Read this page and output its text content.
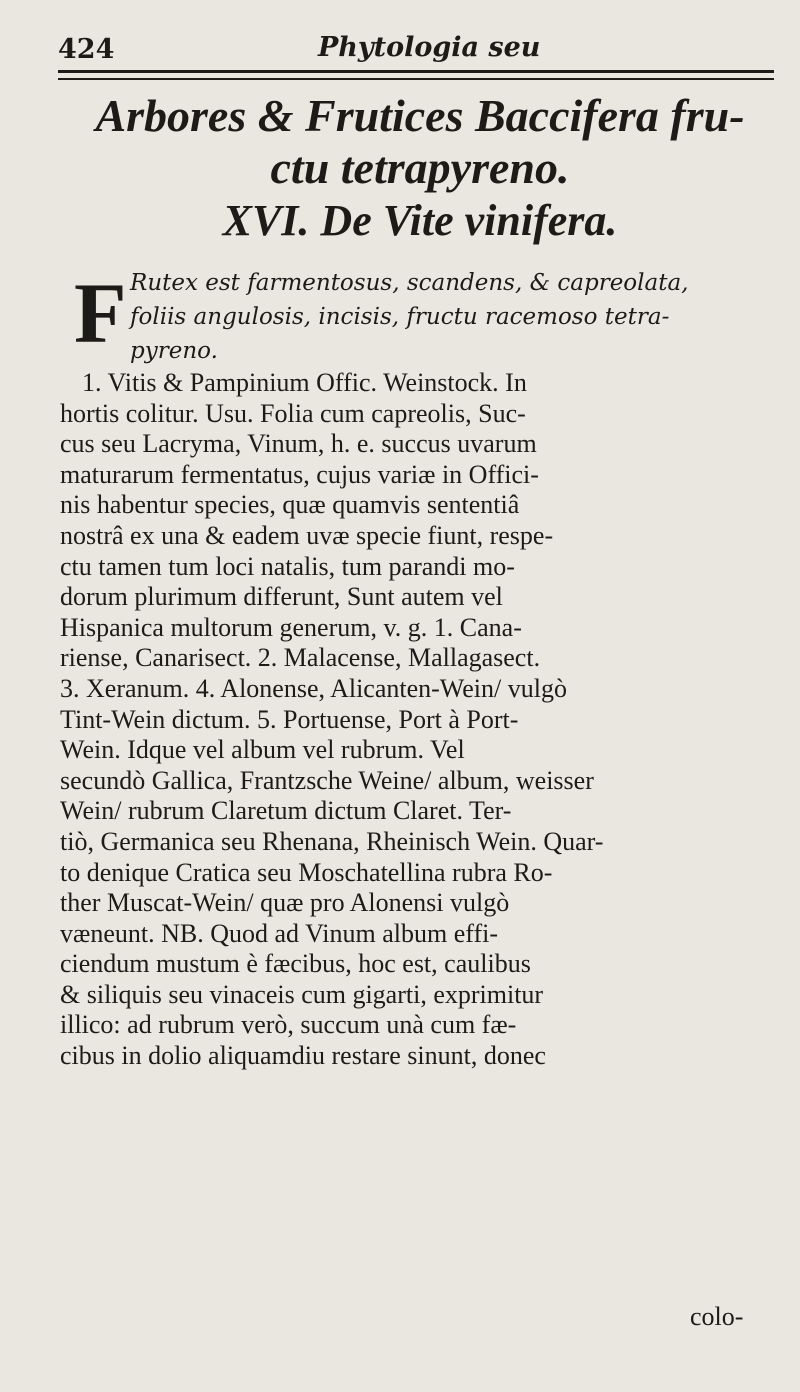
424	Phytologia seu
Arbores & Frutices Baccifera fru-
ctu tetrapyreno.
XVI. De Vite vinifera.
F Rutex est farmentosus, scandens, & capreolata,
foliis angulosis, incisis, fructu racemoso tetra-
pyreno.
1. Vitis & Pampinium Offic. Weinstock. In
hortis colitur. Usu. Folia cum capreolis, Suc-
cus seu Lacryma, Vinum, h. e. succus uvarum
maturarum fermentatus, cujus variæ in Offici-
nis habentur species, quæ quamvis sententiâ
nostrâ ex una & eadem uvæ specie fiunt, respe-
ctu tamen tum loci natalis, tum parandi mo-
dorum plurimum differunt, Sunt autem vel
Hispanica multorum generum, v. g. 1. Cana-
riense, Canarisect. 2. Malacense, Mallagasect.
3. Xeranum. 4. Alonense, Alicanten-Wein/ vulgò
Tint-Wein dictum. 5. Portuense, Port à Port-
Wein. Idque vel album vel rubrum. Vel
secundò Gallica, Frantzsche Weine/ album, weisser
Wein/ rubrum Claretum dictum Claret. Ter-
tiò, Germanica seu Rhenana, Rheinisch Wein. Quar-
to denique Cratica seu Moschatellina rubra Ro-
ther Muscat-Wein/ quæ pro Alonensi vulgò
væneunt. NB. Quod ad Vinum album effi-
ciendum mustum è fæcibus, hoc est, caulibus
& siliquis seu vinaceis cum gigarti, exprimitur
illico: ad rubrum verò, succum unà cum fæ-
cibus in dolio aliquamdiu restare sinunt, donec
colo-
